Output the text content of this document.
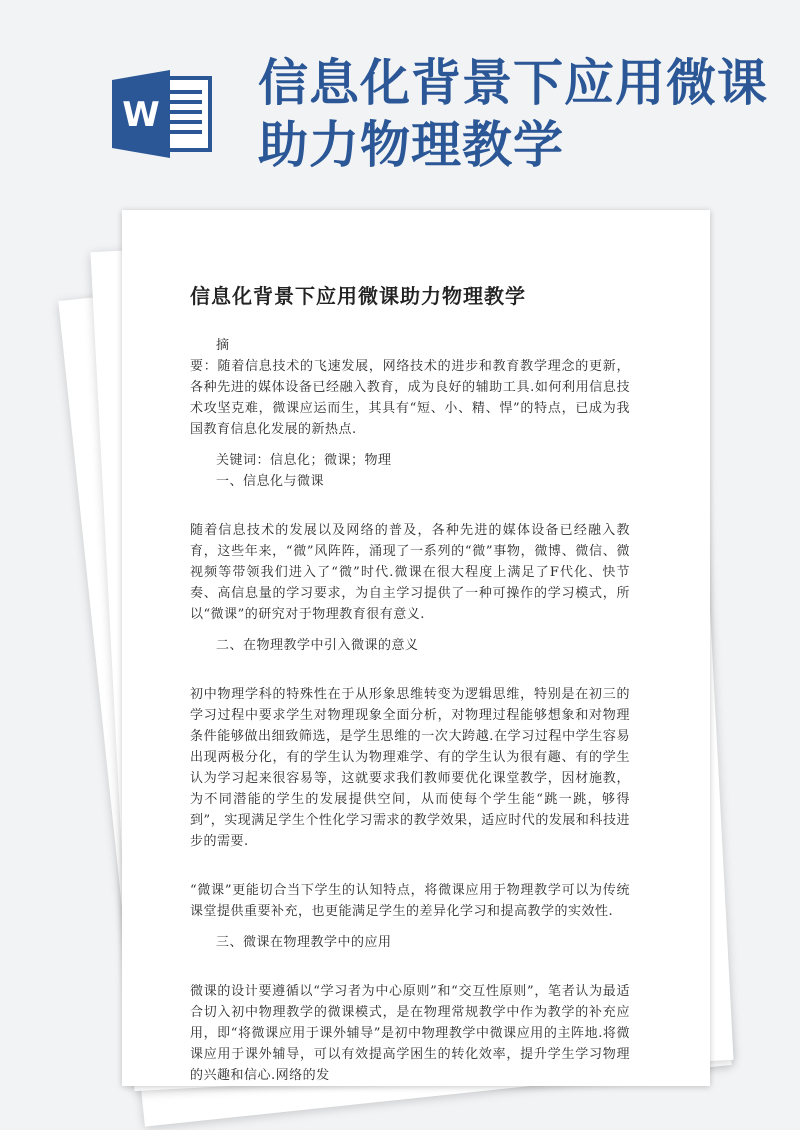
W
信息化背景下应用微课助力物理教学
信息化背景下应用微课助力物理教学

摘

要：随着信息技术的飞速发展，网络技术的进步和教育教学理念的更新，各种先进的媒体设备已经融入教育，成为良好的辅助工具.如何利用信息技术攻坚克难，微课应运而生，其具有“短、小、精、悍”的特点，已成为我国教育信息化发展的新热点.

关键词：信息化；微课；物理

一、信息化与微课

随着信息技术的发展以及网络的普及，各种先进的媒体设备已经融入教育，这些年来，“微”风阵阵，涌现了一系列的“微”事物，微博、微信、微视频等带领我们进入了“微”时代.微课在很大程度上满足了F代化、快节奏、高信息量的学习要求，为自主学习提供了一种可操作的学习模式，所以“微课”的研究对于物理教育很有意义.

二、在物理教学中引入微课的意义

初中物理学科的特殊性在于从形象思维转变为逻辑思维，特别是在初三的学习过程中要求学生对物理现象全面分析，对物理过程能够想象和对物理条件能够做出细致筛选，是学生思维的一次大跨越.在学习过程中学生容易出现两极分化，有的学生认为物理难学、有的学生认为很有趣、有的学生认为学习起来很容易等，这就要求我们教师要优化课堂教学，因材施教，为不同潜能的学生的发展提供空间，从而使每个学生能“跳一跳，够得到”，实现满足学生个性化学习需求的教学效果，适应时代的发展和科技进步的需要.

“微课”更能切合当下学生的认知特点，将微课应用于物理教学可以为传统课堂提供重要补充，也更能满足学生的差异化学习和提高教学的实效性.

三、微课在物理教学中的应用

微课的设计要遵循以“学习者为中心原则”和“交互性原则”，笔者认为最适合切入初中物理教学的微课模式，是在物理常规教学中作为教学的补充应用，即“将微课应用于课外辅导”是初中物理教学中微课应用的主阵地.将微课应用于课外辅导，可以有效提高学困生的转化效率，提升学生学习物理的兴趣和信心.网络的发
